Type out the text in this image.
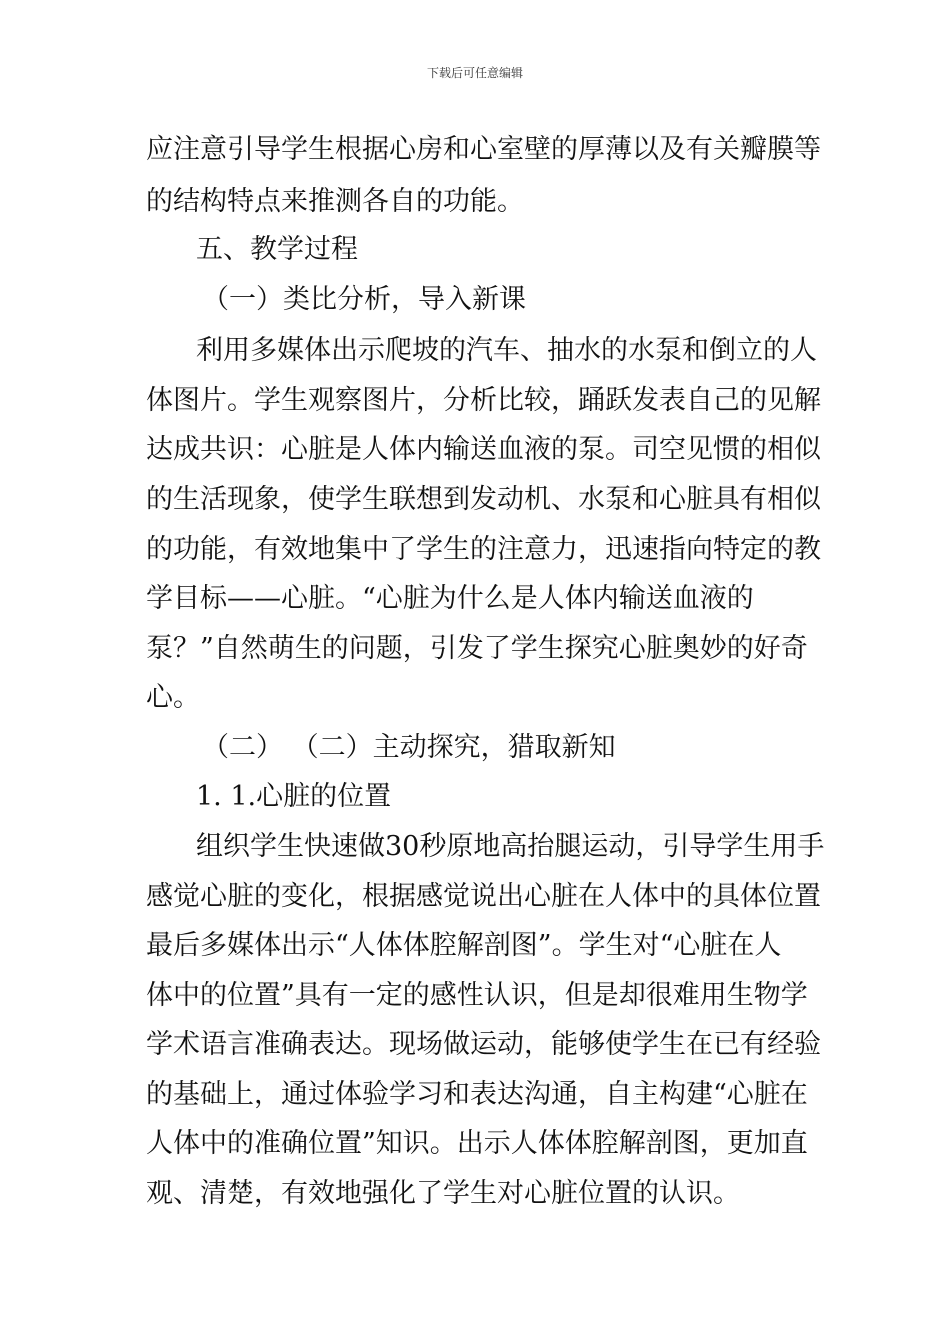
下载后可任意编辑
应注意引导学生根据心房和心室壁的厚薄以及有关瓣膜等
的结构特点来推测各自的功能。
五、教学过程
（一）类比分析，导入新课
利用多媒体出示爬坡的汽车、抽水的水泵和倒立的人
体图片。学生观察图片，分析比较，踊跃发表自己的见解
达成共识：心脏是人体内输送血液的泵。司空见惯的相似
的生活现象，使学生联想到发动机、水泵和心脏具有相似
的功能，有效地集中了学生的注意力，迅速指向特定的教
学目标——心脏。“心脏为什么是人体内输送血液的
泵？”自然萌生的问题，引发了学生探究心脏奥妙的好奇
心。
（二） （二）主动探究，猎取新知
1. 1.心脏的位置
组织学生快速做30秒原地高抬腿运动，引导学生用手
感觉心脏的变化，根据感觉说出心脏在人体中的具体位置
最后多媒体出示“人体体腔解剖图”。学生对“心脏在人
体中的位置”具有一定的感性认识，但是却很难用生物学
学术语言准确表达。现场做运动，能够使学生在已有经验
的基础上，通过体验学习和表达沟通，自主构建“心脏在
人体中的准确位置”知识。出示人体体腔解剖图，更加直
观、清楚，有效地强化了学生对心脏位置的认识。
